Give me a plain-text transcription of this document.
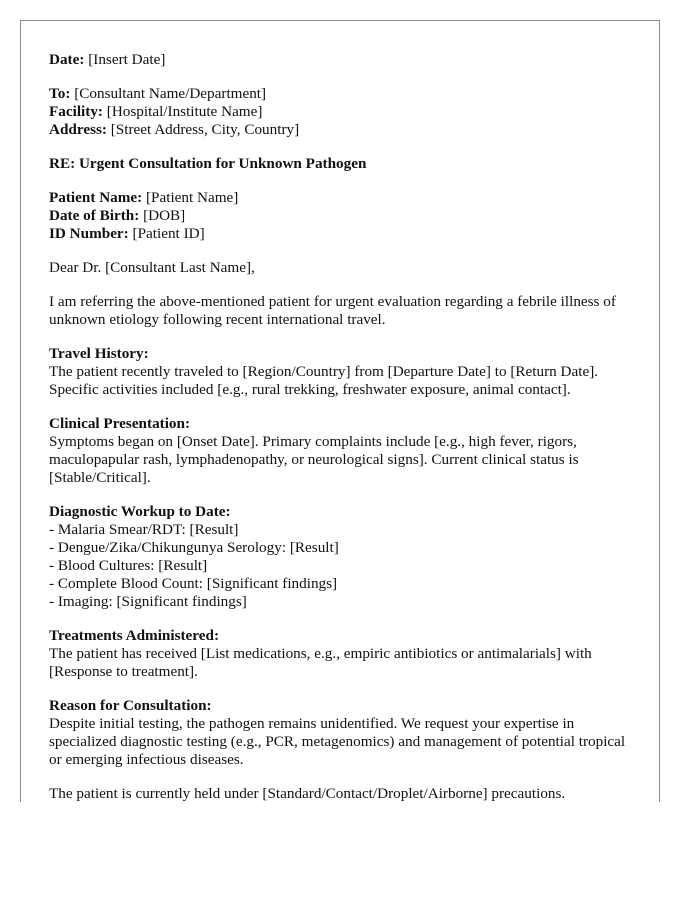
Date: [Insert Date]
To: [Consultant Name/Department]
Facility: [Hospital/Institute Name]
Address: [Street Address, City, Country]
RE: Urgent Consultation for Unknown Pathogen
Patient Name: [Patient Name]
Date of Birth: [DOB]
ID Number: [Patient ID]
Dear Dr. [Consultant Last Name],
I am referring the above-mentioned patient for urgent evaluation regarding a febrile illness of unknown etiology following recent international travel.
Travel History:
The patient recently traveled to [Region/Country] from [Departure Date] to [Return Date]. Specific activities included [e.g., rural trekking, freshwater exposure, animal contact].
Clinical Presentation:
Symptoms began on [Onset Date]. Primary complaints include [e.g., high fever, rigors, maculopapular rash, lymphadenopathy, or neurological signs]. Current clinical status is [Stable/Critical].
Diagnostic Workup to Date:
- Malaria Smear/RDT: [Result]
- Dengue/Zika/Chikungunya Serology: [Result]
- Blood Cultures: [Result]
- Complete Blood Count: [Significant findings]
- Imaging: [Significant findings]
Treatments Administered:
The patient has received [List medications, e.g., empiric antibiotics or antimalarials] with [Response to treatment].
Reason for Consultation:
Despite initial testing, the pathogen remains unidentified. We request your expertise in specialized diagnostic testing (e.g., PCR, metagenomics) and management of potential tropical or emerging infectious diseases.
The patient is currently held under [Standard/Contact/Droplet/Airborne] precautions.
